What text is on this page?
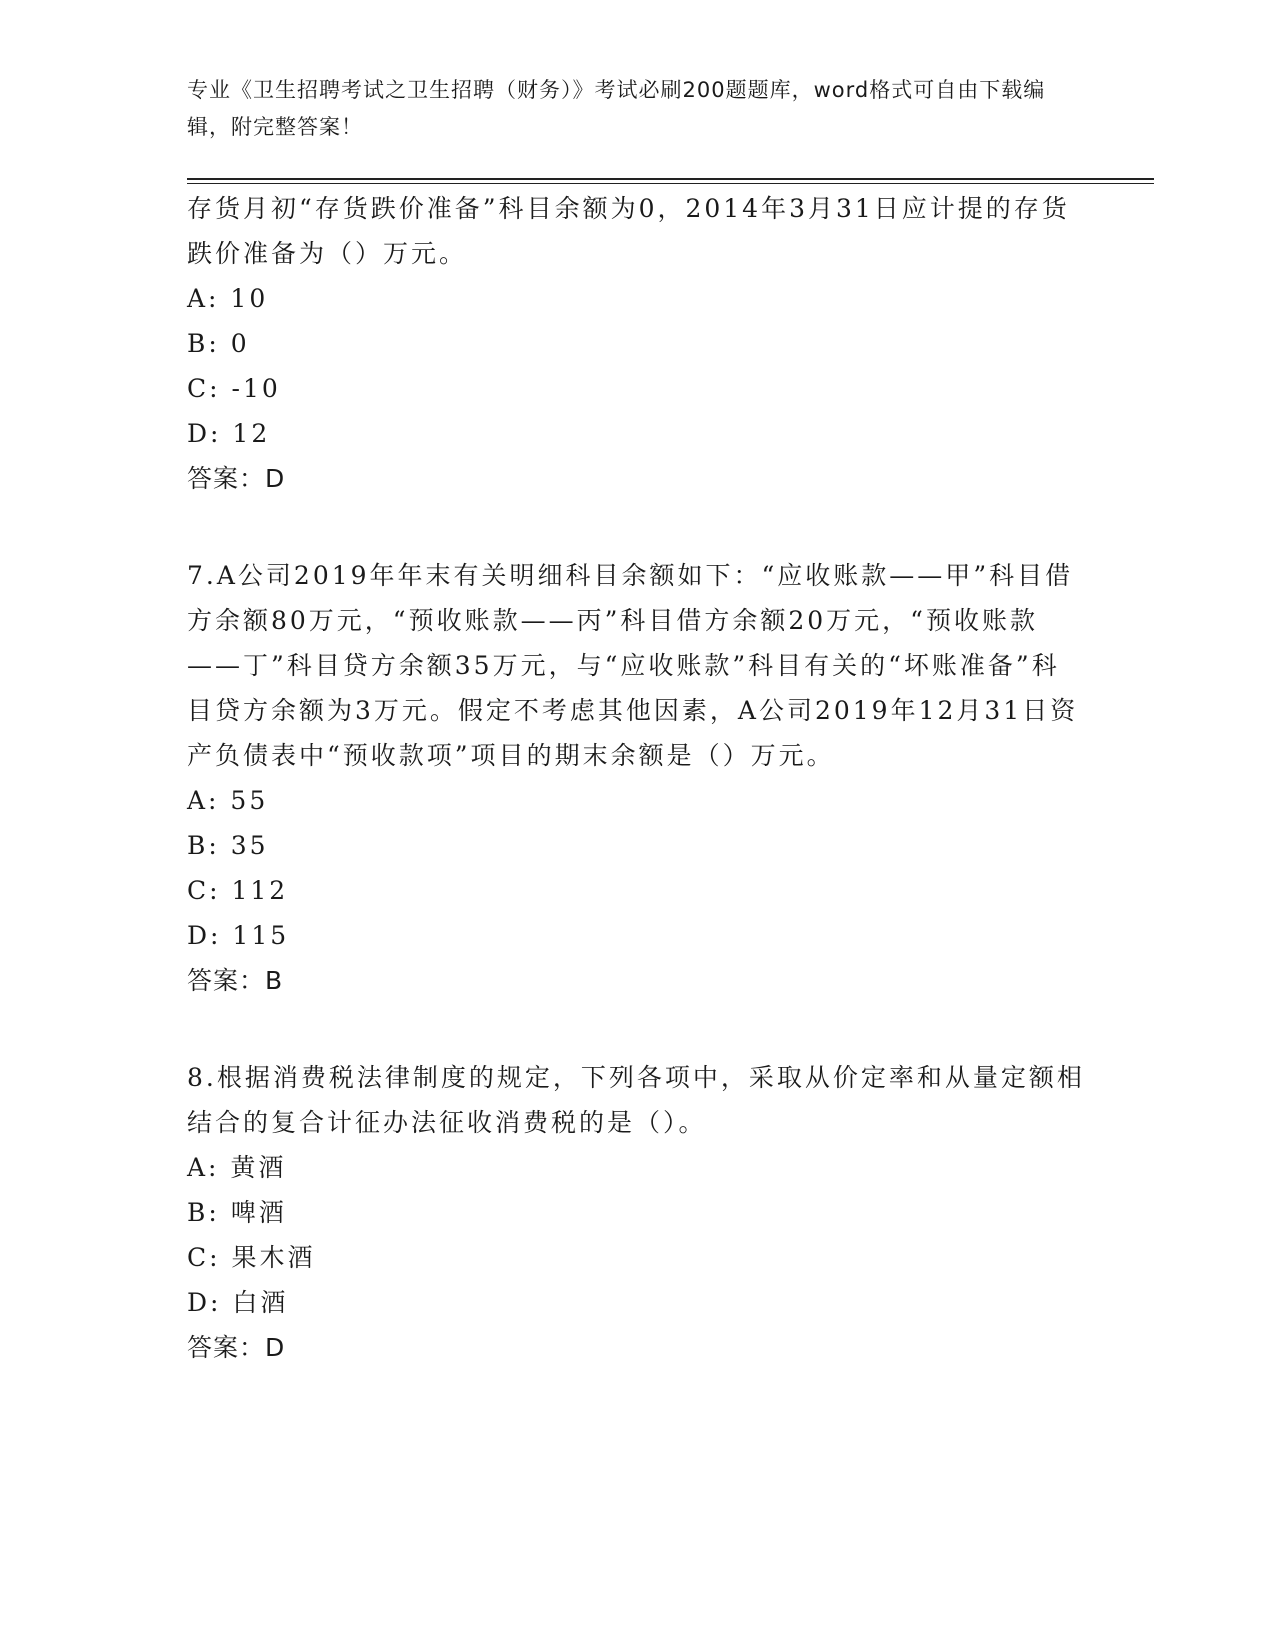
专业《卫生招聘考试之卫生招聘（财务）》考试必刷200题题库，word格式可自由下载编辑，附完整答案！
存货月初“存货跌价准备”科目余额为0，2014年3月31日应计提的存货跌价准备为（）万元。
A: 10
B: 0
C: -10
D: 12
答案：D
7.A公司2019年年末有关明细科目余额如下：“应收账款——甲”科目借方余额80万元，“预收账款——丙”科目借方余额20万元，“预收账款——丁”科目贷方余额35万元，与“应收账款”科目有关的“坏账准备”科目贷方余额为3万元。假定不考虑其他因素，A公司2019年12月31日资产负债表中“预收款项”项目的期末余额是（）万元。
A: 55
B: 35
C: 112
D: 115
答案：B
8.根据消费税法律制度的规定，下列各项中，采取从价定率和从量定额相结合的复合计征办法征收消费税的是（）。
A: 黄酒
B: 啤酒
C: 果木酒
D: 白酒
答案：D
